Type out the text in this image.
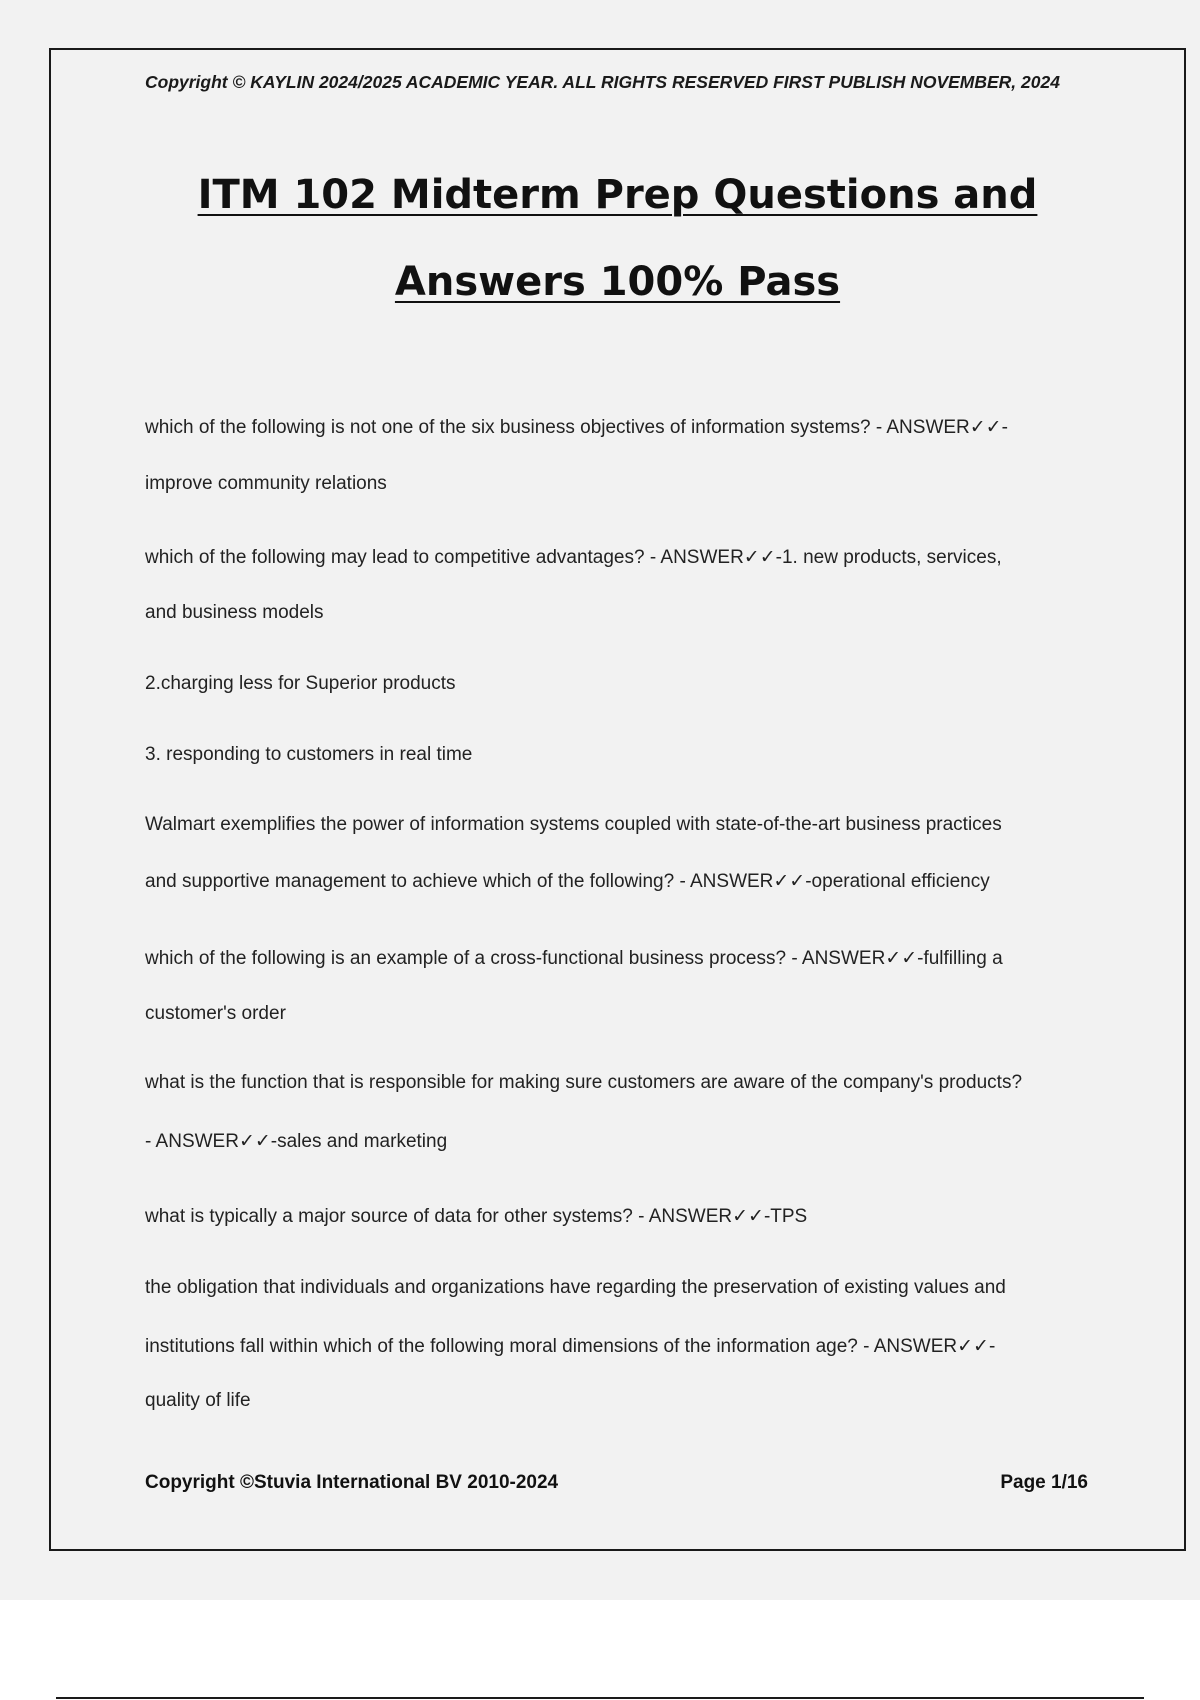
Copyright © KAYLIN 2024/2025 ACADEMIC YEAR. ALL RIGHTS RESERVED FIRST PUBLISH NOVEMBER, 2024
ITM 102 Midterm Prep Questions and
Answers 100% Pass
which of the following is not one of the six business objectives of information systems? - ANSWER✓✓-
improve community relations
which of the following may lead to competitive advantages? - ANSWER✓✓-1. new products, services,
and business models
2.charging less for Superior products
3. responding to customers in real time
Walmart exemplifies the power of information systems coupled with state-of-the-art business practices
and supportive management to achieve which of the following? - ANSWER✓✓-operational efficiency
which of the following is an example of a cross-functional business process? - ANSWER✓✓-fulfilling a
customer's order
what is the function that is responsible for making sure customers are aware of the company's products?
- ANSWER✓✓-sales and marketing
what is typically a major source of data for other systems? - ANSWER✓✓-TPS
the obligation that individuals and organizations have regarding the preservation of existing values and
institutions fall within which of the following moral dimensions of the information age? - ANSWER✓✓-
quality of life
Copyright ©Stuvia International BV 2010-2024	Page 1/16
